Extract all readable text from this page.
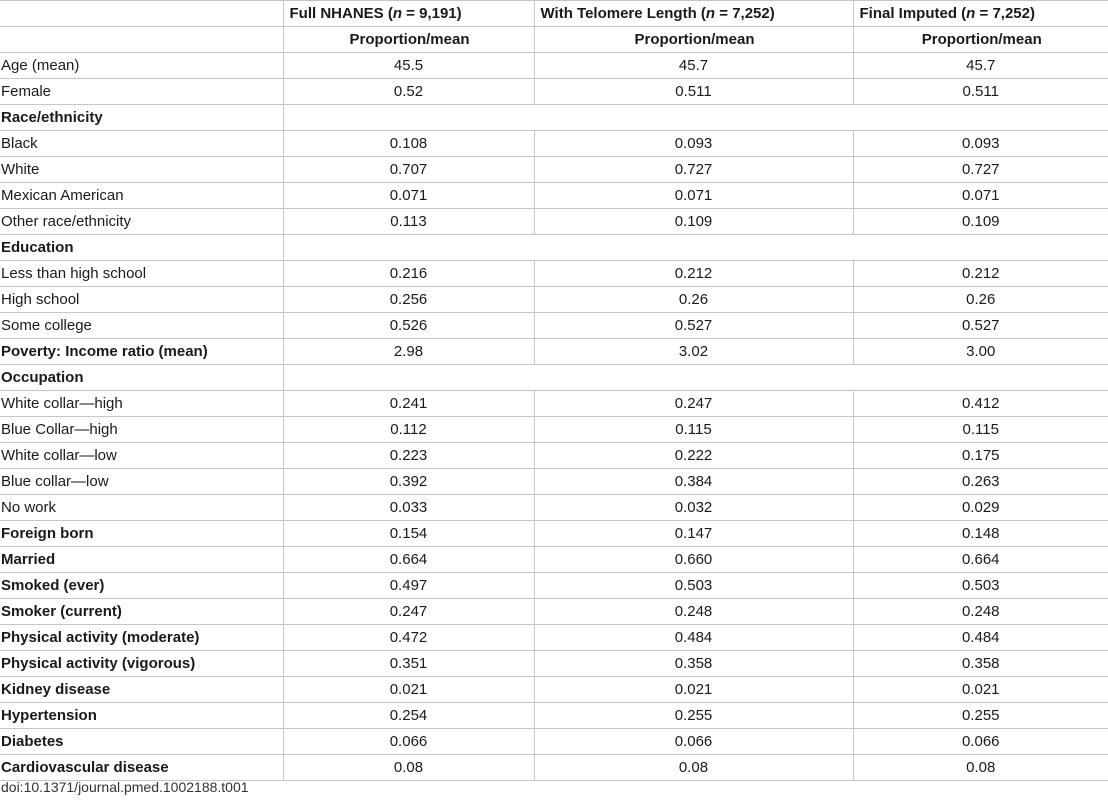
	Full NHANES (n = 9,191)	With Telomere Length (n = 7,252)	Final Imputed (n = 7,252)
	Proportion/mean	Proportion/mean	Proportion/mean
Age (mean)	45.5	45.7	45.7
Female	0.52	0.511	0.511
Race/ethnicity			
Black	0.108	0.093	0.093
White	0.707	0.727	0.727
Mexican American	0.071	0.071	0.071
Other race/ethnicity	0.113	0.109	0.109
Education			
Less than high school	0.216	0.212	0.212
High school	0.256	0.26	0.26
Some college	0.526	0.527	0.527
Poverty: Income ratio (mean)	2.98	3.02	3.00
Occupation			
White collar—high	0.241	0.247	0.412
Blue Collar—high	0.112	0.115	0.115
White collar—low	0.223	0.222	0.175
Blue collar—low	0.392	0.384	0.263
No work	0.033	0.032	0.029
Foreign born	0.154	0.147	0.148
Married	0.664	0.660	0.664
Smoked (ever)	0.497	0.503	0.503
Smoker (current)	0.247	0.248	0.248
Physical activity (moderate)	0.472	0.484	0.484
Physical activity (vigorous)	0.351	0.358	0.358
Kidney disease	0.021	0.021	0.021
Hypertension	0.254	0.255	0.255
Diabetes	0.066	0.066	0.066
Cardiovascular disease	0.08	0.08	0.08
doi:10.1371/journal.pmed.1002188.t001
